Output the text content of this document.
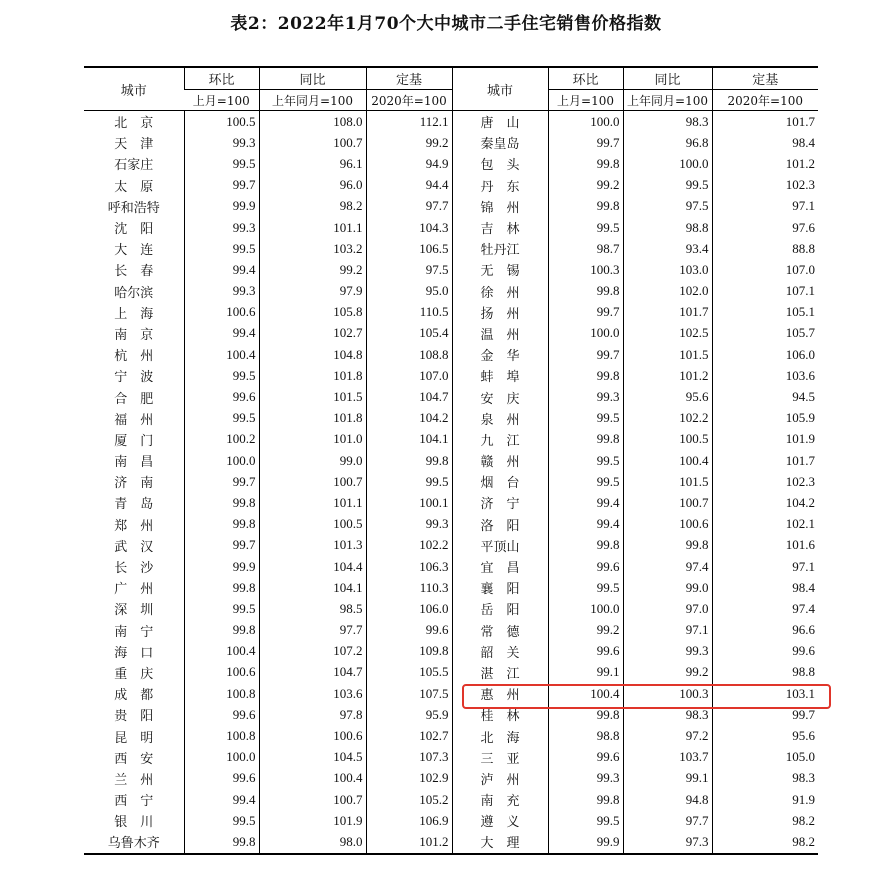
表2：2022年1月70个大中城市二手住宅销售价格指数
城市	环比	同比	定基	城市	环比	同比	定基
	上月=100	上年同月=100	2020年=100		上月=100	上年同月=100	2020年=100
北　京	100.5	108.0	112.1	唐　山	100.0	98.3	101.7
天　津	99.3	100.7	99.2	秦皇岛	99.7	96.8	98.4
石家庄	99.5	96.1	94.9	包　头	99.8	100.0	101.2
太　原	99.7	96.0	94.4	丹　东	99.2	99.5	102.3
呼和浩特	99.9	98.2	97.7	锦　州	99.8	97.5	97.1
沈　阳	99.3	101.1	104.3	吉　林	99.5	98.8	97.6
大　连	99.5	103.2	106.5	牡丹江	98.7	93.4	88.8
长　春	99.4	99.2	97.5	无　锡	100.3	103.0	107.0
哈尔滨	99.3	97.9	95.0	徐　州	99.8	102.0	107.1
上　海	100.6	105.8	110.5	扬　州	99.7	101.7	105.1
南　京	99.4	102.7	105.4	温　州	100.0	102.5	105.7
杭　州	100.4	104.8	108.8	金　华	99.7	101.5	106.0
宁　波	99.5	101.8	107.0	蚌　埠	99.8	101.2	103.6
合　肥	99.6	101.5	104.7	安　庆	99.3	95.6	94.5
福　州	99.5	101.8	104.2	泉　州	99.5	102.2	105.9
厦　门	100.2	101.0	104.1	九　江	99.8	100.5	101.9
南　昌	100.0	99.0	99.8	赣　州	99.5	100.4	101.7
济　南	99.7	100.7	99.5	烟　台	99.5	101.5	102.3
青　岛	99.8	101.1	100.1	济　宁	99.4	100.7	104.2
郑　州	99.8	100.5	99.3	洛　阳	99.4	100.6	102.1
武　汉	99.7	101.3	102.2	平顶山	99.8	99.8	101.6
长　沙	99.9	104.4	106.3	宜　昌	99.6	97.4	97.1
广　州	99.8	104.1	110.3	襄　阳	99.5	99.0	98.4
深　圳	99.5	98.5	106.0	岳　阳	100.0	97.0	97.4
南　宁	99.8	97.7	99.6	常　德	99.2	97.1	96.6
海　口	100.4	107.2	109.8	韶　关	99.6	99.3	99.6
重　庆	100.6	104.7	105.5	湛　江	99.1	99.2	98.8
成　都	100.8	103.6	107.5	惠　州	100.4	100.3	103.1
贵　阳	99.6	97.8	95.9	桂　林	99.8	98.3	99.7
昆　明	100.8	100.6	102.7	北　海	98.8	97.2	95.6
西　安	100.0	104.5	107.3	三　亚	99.6	103.7	105.0
兰　州	99.6	100.4	102.9	泸　州	99.3	99.1	98.3
西　宁	99.4	100.7	105.2	南　充	99.8	94.8	91.9
银　川	99.5	101.9	106.9	遵　义	99.5	97.7	98.2
乌鲁木齐	99.8	98.0	101.2	大　理	99.9	97.3	98.2
